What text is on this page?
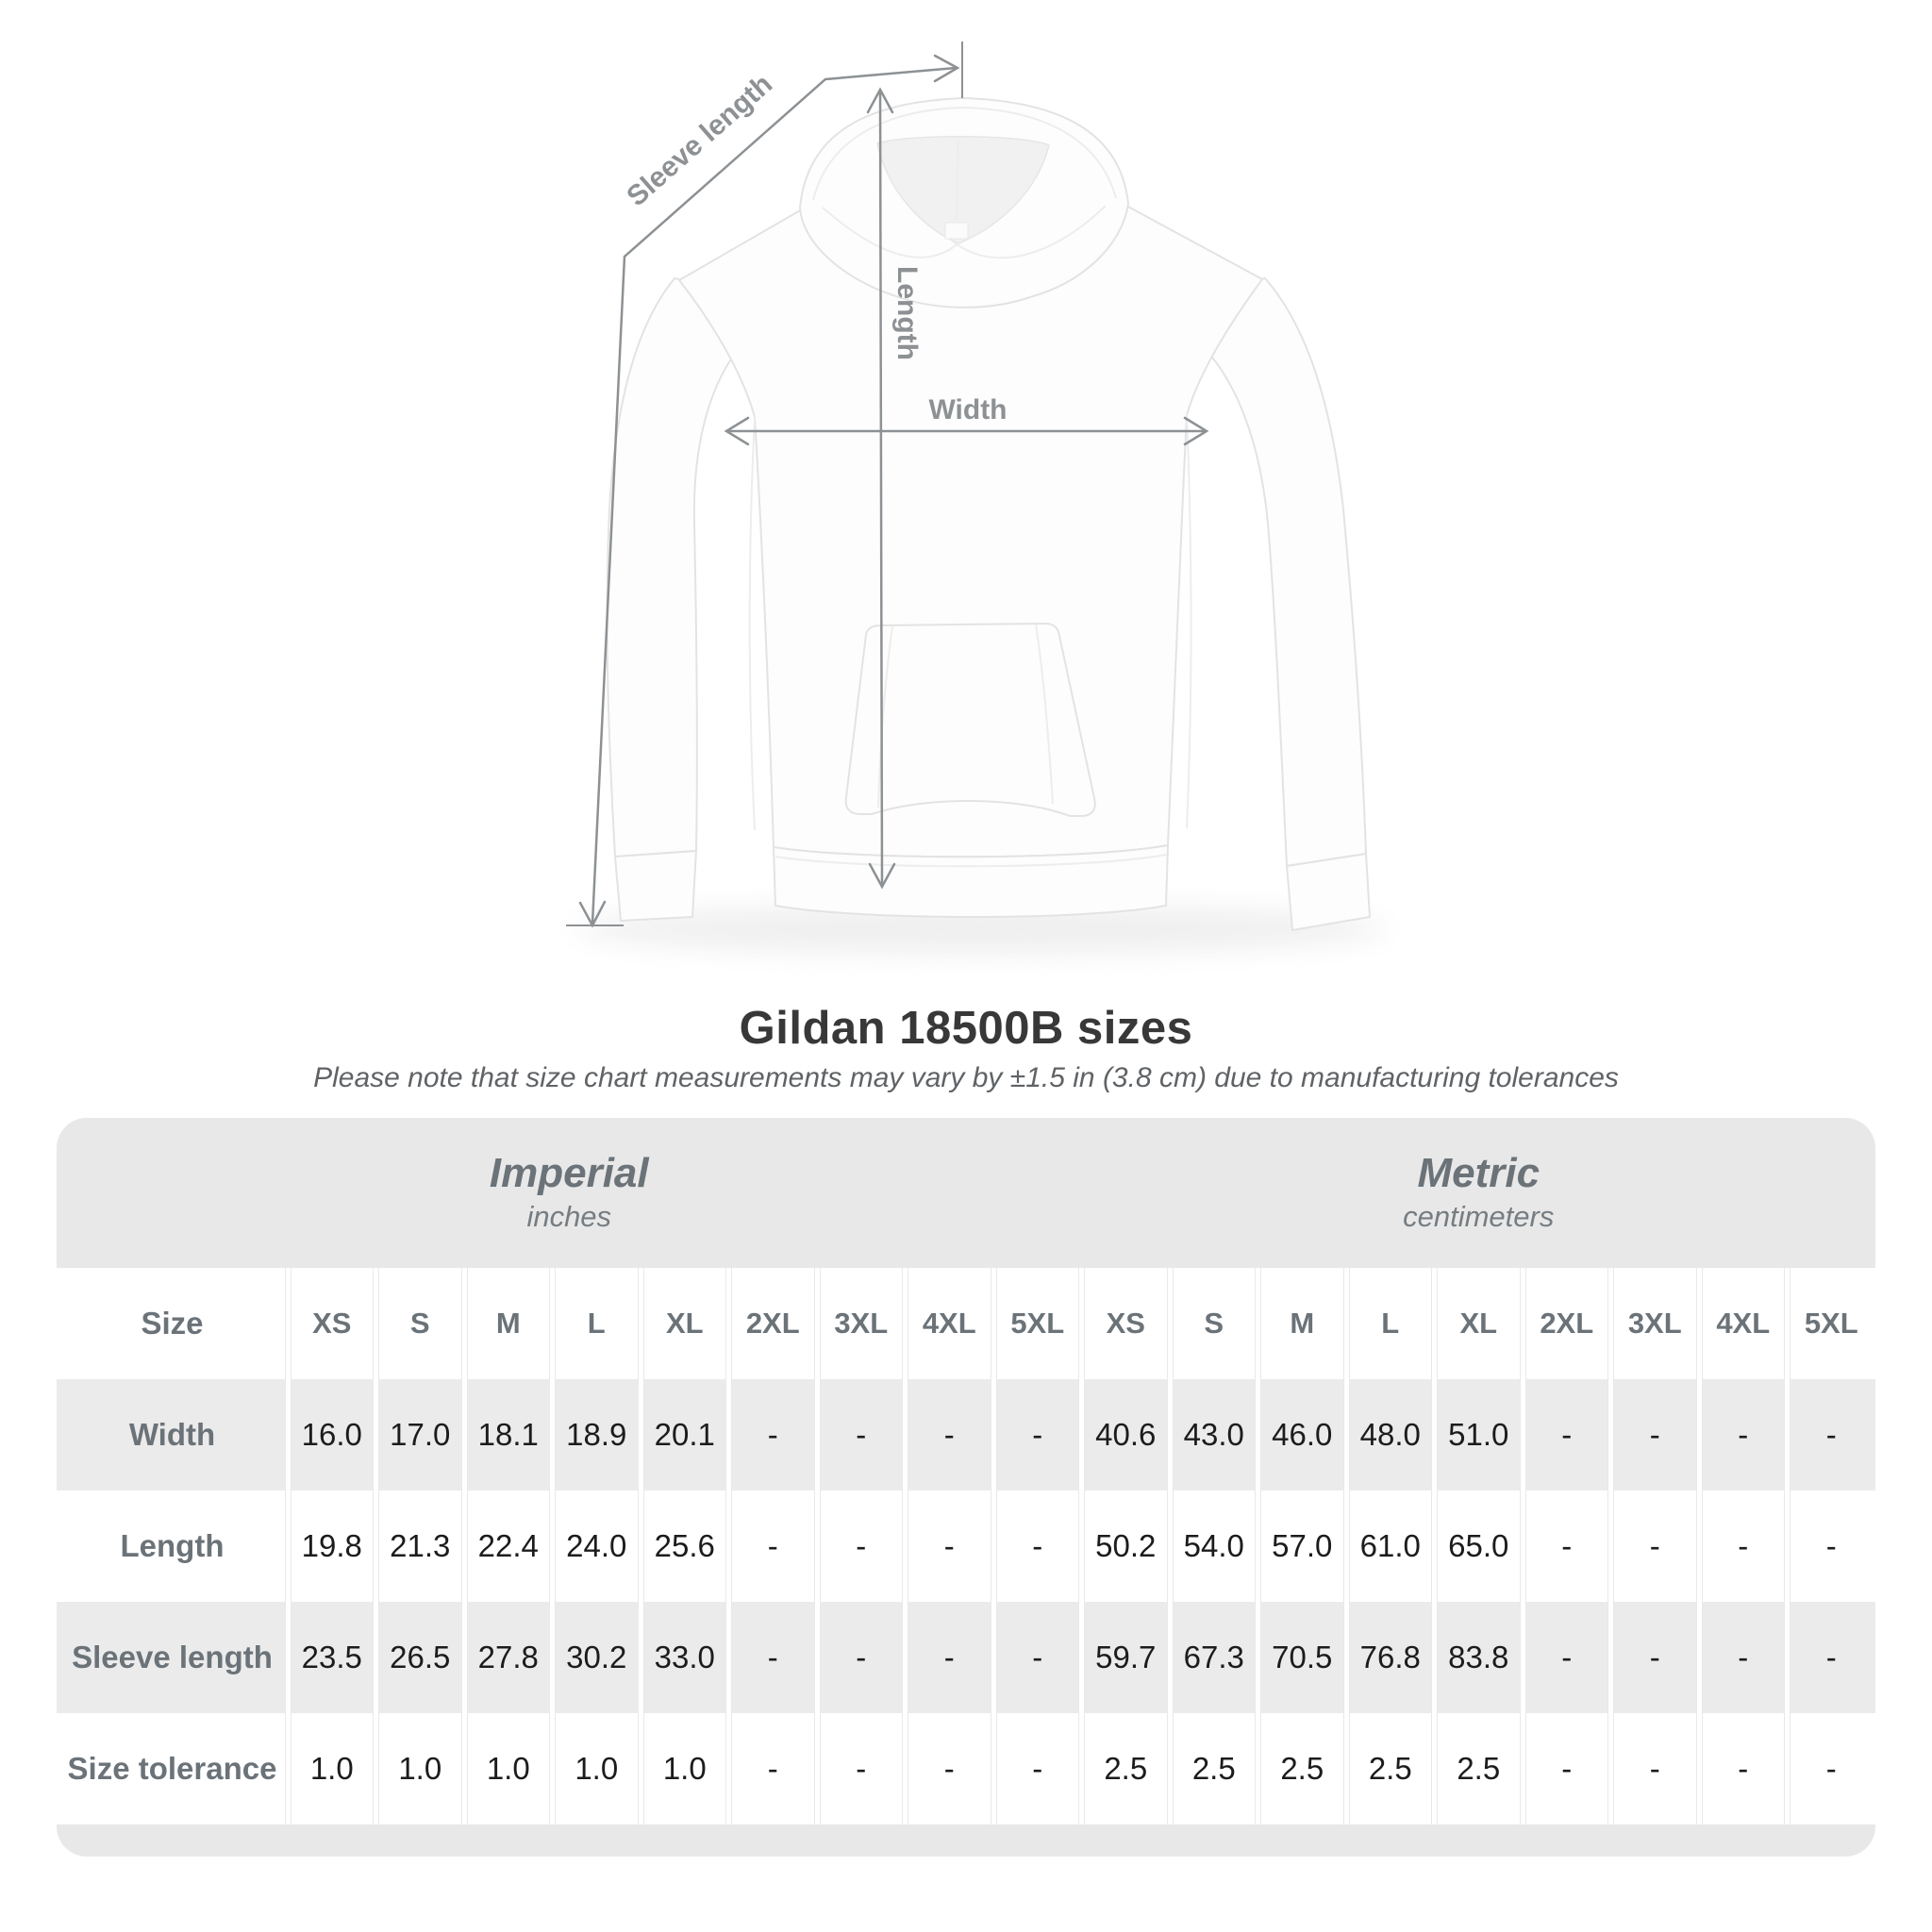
Sleeve length
Length
Width
Gildan 18500B sizes

Please note that size chart measurements may vary by ±1.5 in (3.8 cm) due to manufacturing tolerances

Imperial
inches
Metric
centimeters
Size	XS	S	M	L	XL	2XL	3XL	4XL	5XL	XS	S	M	L	XL	2XL	3XL	4XL	5XL
Width	16.0 17.0 18.1 18.9 20.1	-	-	-	-	40.6 43.0 46.0 48.0 51.0	-	-	-	-
Length	19.8 21.3 22.4 24.0 25.6	-	-	-	-	50.2 54.0 57.0 61.0 65.0	-	-	-	-
Sleeve length 23.5 26.5 27.8 30.2 33.0	-	-	-	-	59.7 67.3 70.5 76.8 83.8	-	-	-	-
Size tolerance	1.0	1.0	1.0	1.0	1.0	-	-	-	-	2.5	2.5	2.5	2.5	2.5	-	-	-	-
